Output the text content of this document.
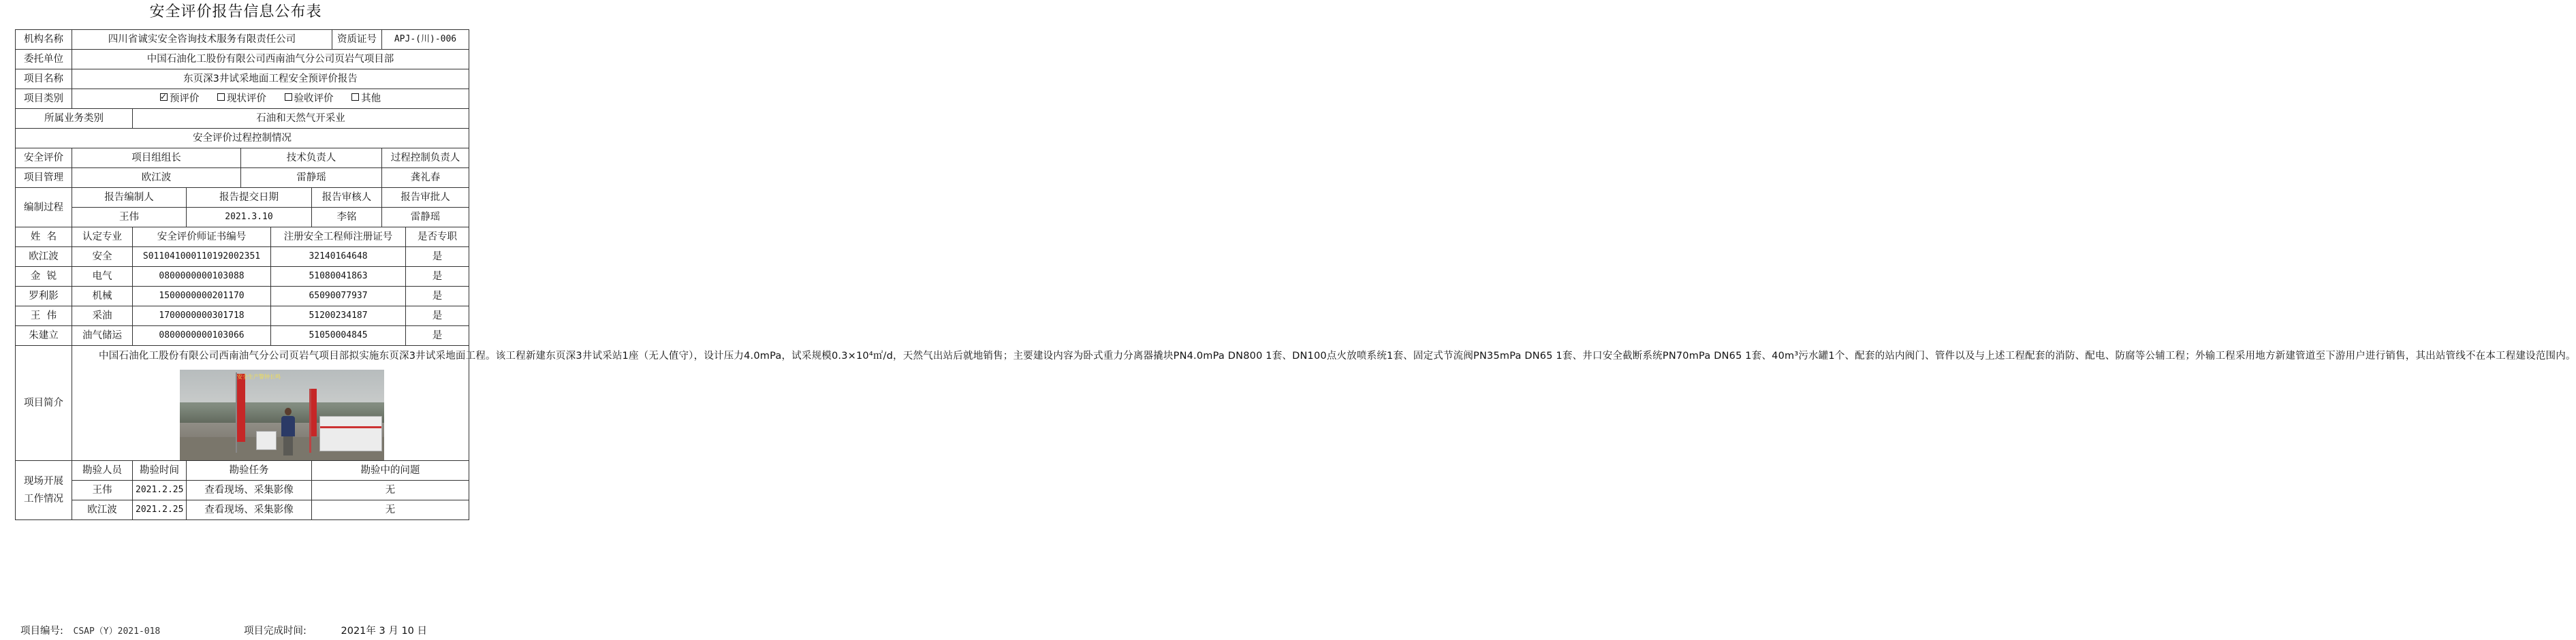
安全评价报告信息公布表
机构名称	四川省诚实安全咨询技术服务有限责任公司						资质证号	APJ-(川)-006	
委托单位	中国石油化工股份有限公司西南油气分公司页岩气项目部								
项目名称	东页深3井试采地面工程安全预评价报告								
项目类别	✓预评价 现状评价 验收评价 其他
所属业务类别		石油和天然气开采业							
安全评价过程控制情况									
安全评价	项目组组长			技术负责人				过程控制负责人	
项目管理	欧江波			雷静瑶				龚礼春	
编制过程	报告编制人		报告提交日期			报告审核人		报告审批人	
	王伟		2021.3.10			李铭		雷静瑶	
姓  名	认定专业	安全评价师证书编号			注册安全工程师注册证号				是否专职
欧江波	安全	S011041000110192002351			32140164648				是
金  锐	电气	0800000000103088			51080041863				是
罗利影	机械	1500000000201170			65090077937				是
王  伟	采油	1700000000301718			51200234187				是
朱建立	油气储运	0800000000103066			51050004845				是
项目简介	中国石油化工股份有限公司西南油气分公司页岩气项目部拟实施东页深3井试采地面工程。该工程新建东页深3井试采站1座（无人值守），设计压力4.0mPa，试采规模0.3×10⁴㎡/d，天然气出站后就地销售；主要建设内容为卧式重力分离器撬块PN4.0mPa DN800 1套、DN100点火放喷系统1套、固定式节流阀PN35mPa DN65 1套、井口安全截断系统PN70mPa DN65 1套、40m³污水罐1个、配套的站内阀门、管件以及与上述工程配套的消防、配电、防腐等公辅工程；外输工程采用地方新建管道至下游用户进行销售，其出站管线不在本工程建设范围内。
安全生产警钟长鸣								

现场开展
工作情况	勘验人员	勘验时间	勘验任务			勘验中的问题			
	王伟	2021.2.25	查看现场、采集影像			无			
	欧江波	2021.2.25	查看现场、采集影像			无			
项目编号: CSAP（Y）2021-018	项目完成时间:	2021年 3 月 10 日
